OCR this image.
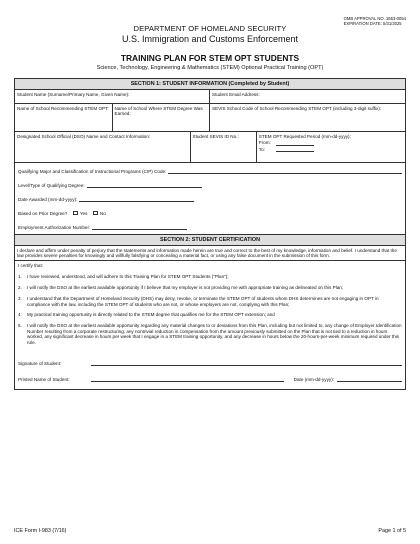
OMB APPROVAL NO. 1653-0054
EXPIRATION DATE: 5/31/2025
DEPARTMENT OF HOMELAND SECURITY
U.S. Immigration and Customs Enforcement
TRAINING PLAN FOR STEM OPT STUDENTS
Science, Technology, Engineering & Mathematics (STEM) Optional Practical Training (OPT)
SECTION 1: STUDENT INFORMATION (Completed by Student)
Student Name (Surname/Primary Name, Given Name):	Student Email Address:
Name of School Recommending STEM OPT:	Name of School Where STEM Degree Was Earned:
SEVIS School Code of School Recommending STEM OPT (including 3-digit suffix):
Designated School Official (DSO) Name and Contact Information:	Student SEVIS ID No.:	STEM OPT Requested Period (mm-dd-yyyy):
From:
To:
Qualifying Major and Classification of Instructional Programs (CIP) Code:
Level/Type of Qualifying Degree:
Date Awarded (mm-dd-yyyy):
Based on Prior Degree?	Yes	No
Employment Authorization Number:
SECTION 2: STUDENT CERTIFICATION
I declare and affirm under penalty of perjury that the statements and information made herein are true and correct to the best of my knowledge, information and belief. I understand that the law provides severe penalties for knowingly and willfully falsifying or concealing a material fact, or using any false document in the submission of this form.
I certify that:
1.	I have reviewed, understood, and will adhere to this Training Plan for STEM OPT Students ("Plan");
2.	I will notify the DSO at the earliest available opportunity if I believe that my employer is not providing me with appropriate training as delineated on this Plan;
3.	I understand that the Department of Homeland Security (DHS) may deny, revoke, or terminate the STEM OPT of students whom DHS determines are not engaging in OPT in compliance with the law, including the STEM OPT of students who are not, or whose employers are not, complying with this Plan;
4.	My practical training opportunity is directly related to the STEM degree that qualifies me for the STEM OPT extension; and
5.	I will notify the DSO at the earliest available opportunity regarding any material changes to or deviations from this Plan, including but not limited to, any change of Employer Identification Number resulting from a corporate restructuring, any nontrivial reduction in compensation from the amount previously submitted on the Plan that is not tied to a reduction in hours worked, any significant decrease in hours per week that I engage in a STEM training opportunity, and any decrease in hours below the 20-hours-per-week minimum required under this rule.
Signature of Student:
Printed Name of Student:	Date (mm-dd-yyyy):
ICE Form I-983 (7/16)	Page 1 of 5
